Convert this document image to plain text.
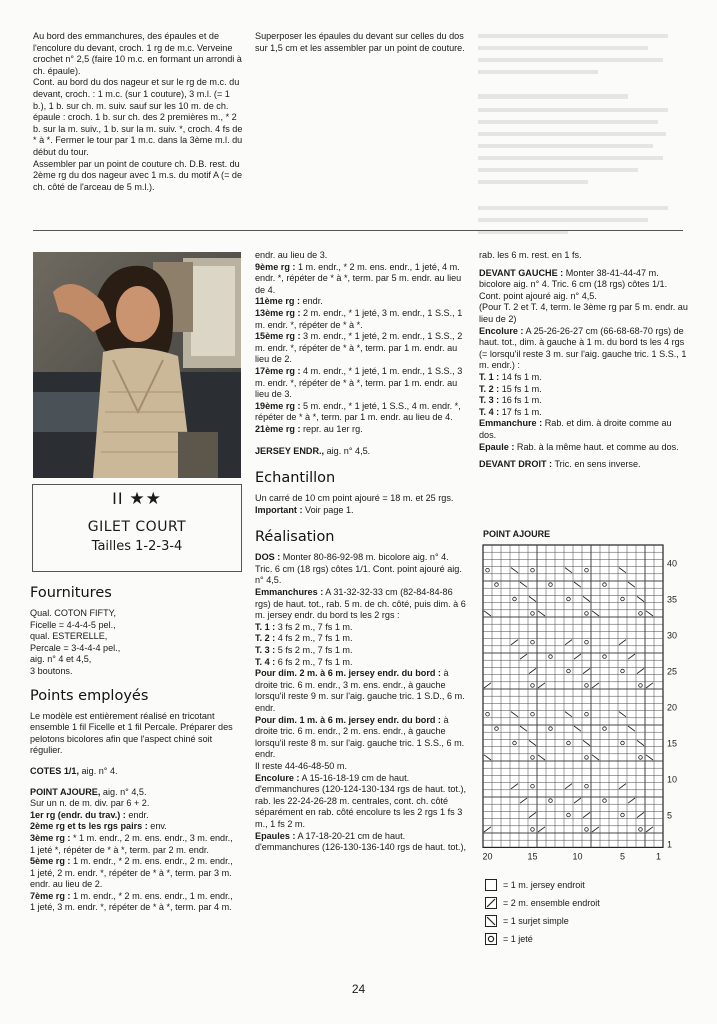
Au bord des emmanchures, des épaules et de l'encolure du devant, croch. 1 rg de m.c. Verveine crochet n° 2,5 (faire 10 m.c. en formant un arrondi à ch. épaule).

Cont. au bord du dos nageur et sur le rg de m.c. du devant, croch. : 1 m.c. (sur 1 couture), 3 m.l. (= 1 b.), 1 b. sur ch. m. suiv. sauf sur les 10 m. de ch. épaule : croch. 1 b. sur ch. des 2 premières m., * 2 b. sur la m. suiv., 1 b. sur la m. suiv. *, croch. 4 fs de * à *. Fermer le tour par 1 m.c. dans la 3ème m.l. du début du tour.

Assembler par un point de couture ch. D.B. rest. du 2ème rg du dos nageur avec 1 m.s. du motif A (= de ch. côté de l'arceau de 5 m.l.).

Superposer les épaules du devant sur celles du dos sur 1,5 cm et les assembler par un point de couture.

II ★★
GILET COURT
Tailles 1-2-3-4
Fournitures
Qual. COTON FIFTY,
Ficelle = 4-4-4-5 pel.,
qual. ESTERELLE,
Percale = 3-4-4-4 pel.,
aig. n° 4 et 4,5,
3 boutons.
Points employés

Le modèle est entièrement réalisé en tricotant ensemble 1 fil Ficelle et 1 fil Percale. Préparer des pelotons bicolores afin que l'aspect chiné soit régulier.

COTES 1/1, aig. n° 4.

POINT AJOURE, aig. n° 4,5.

Sur un n. de m. div. par 6 + 2.

1er rg (endr. du trav.) : endr.

2ème rg et ts les rgs pairs : env.

3ème rg : * 1 m. endr., 2 m. ens. endr., 3 m. endr., 1 jeté *, répéter de * à *, term. par 2 m. endr.

5ème rg : 1 m. endr., * 2 m. ens. endr., 2 m. endr., 1 jeté, 2 m. endr. *, répéter de * à *, term. par 3 m. endr. au lieu de 2.

7ème rg : 1 m. endr., * 2 m. ens. endr., 1 m. endr., 1 jeté, 3 m. endr. *, répéter de * à *, term. par 4 m.

endr. au lieu de 3.

9ème rg : 1 m. endr., * 2 m. ens. endr., 1 jeté, 4 m. endr. *, répéter de * à *, term. par 5 m. endr. au lieu de 4.

11ème rg : endr.

13ème rg : 2 m. endr., * 1 jeté, 3 m. endr., 1 S.S., 1 m. endr. *, répéter de * à *.

15ème rg : 3 m. endr., * 1 jeté, 2 m. endr., 1 S.S., 2 m. endr. *, répéter de * à *, term. par 1 m. endr. au lieu de 2.

17ème rg : 4 m. endr., * 1 jeté, 1 m. endr., 1 S.S., 3 m. endr. *, répéter de * à *, term. par 1 m. endr. au lieu de 3.

19ème rg : 5 m. endr., * 1 jeté, 1 S.S., 4 m. endr. *, répéter de * à *, term. par 1 m. endr. au lieu de 4.

21ème rg : repr. au 1er rg.

JERSEY ENDR., aig. n° 4,5.

Echantillon

Un carré de 10 cm point ajouré = 18 m. et 25 rgs.

Important : Voir page 1.

Réalisation

DOS : Monter 80-86-92-98 m. bicolore aig. n° 4. Tric. 6 cm (18 rgs) côtes 1/1. Cont. point ajouré aig. n° 4,5.

Emmanchures : A 31-32-32-33 cm (82-84-84-86 rgs) de haut. tot., rab. 5 m. de ch. côté, puis dim. à 6 m. jersey endr. du bord ts les 2 rgs :

T. 1 : 3 fs 2 m., 7 fs 1 m.

T. 2 : 4 fs 2 m., 7 fs 1 m.

T. 3 : 5 fs 2 m., 7 fs 1 m.

T. 4 : 6 fs 2 m., 7 fs 1 m.

Pour dim. 2 m. à 6 m. jersey endr. du bord : à droite tric. 6 m. endr., 3 m. ens. endr., à gauche lorsqu'il reste 9 m. sur l'aig. gauche tric. 1 S.D., 6 m. endr.

Pour dim. 1 m. à 6 m. jersey endr. du bord : à droite tric. 6 m. endr., 2 m. ens. endr., à gauche lorsqu'il reste 8 m. sur l'aig. gauche tric. 1 S.S., 6 m. endr.

Il reste 44-46-48-50 m.

Encolure : A 15-16-18-19 cm de haut. d'emmanchures (120-124-130-134 rgs de haut. tot.), rab. les 22-24-26-28 m. centrales, cont. ch. côté séparément en rab. côté encolure ts les 2 rgs 1 fs 3 m., 1 fs 2 m.

Epaules : A 17-18-20-21 cm de haut. d'emmanchures (126-130-136-140 rgs de haut. tot.),

rab. les 6 m. rest. en 1 fs.

DEVANT GAUCHE : Monter 38-41-44-47 m. bicolore aig. n° 4. Tric. 6 cm (18 rgs) côtes 1/1. Cont. point ajouré aig. n° 4,5.

(Pour T. 2 et T. 4, term. le 3ème rg par 5 m. endr. au lieu de 2)

Encolure : A 25-26-26-27 cm (66-68-68-70 rgs) de haut. tot., dim. à gauche à 1 m. du bord ts les 4 rgs (= lorsqu'il reste 3 m. sur l'aig. gauche tric. 1 S.S., 1 m. endr.) :

T. 1 : 14 fs 1 m.

T. 2 : 15 fs 1 m.

T. 3 : 16 fs 1 m.

T. 4 : 17 fs 1 m.

Emmanchure : Rab. et dim. à droite comme au dos.

Epaule : Rab. à la même haut. et comme au dos.

DEVANT DROIT : Tric. en sens inverse.

POINT AJOURE
40
35
30
25
20
15
10
5
1
20	15	10	5	1
= 1 m. jersey endroit
= 2 m. ensemble endroit
= 1 surjet simple
= 1 jeté
24
